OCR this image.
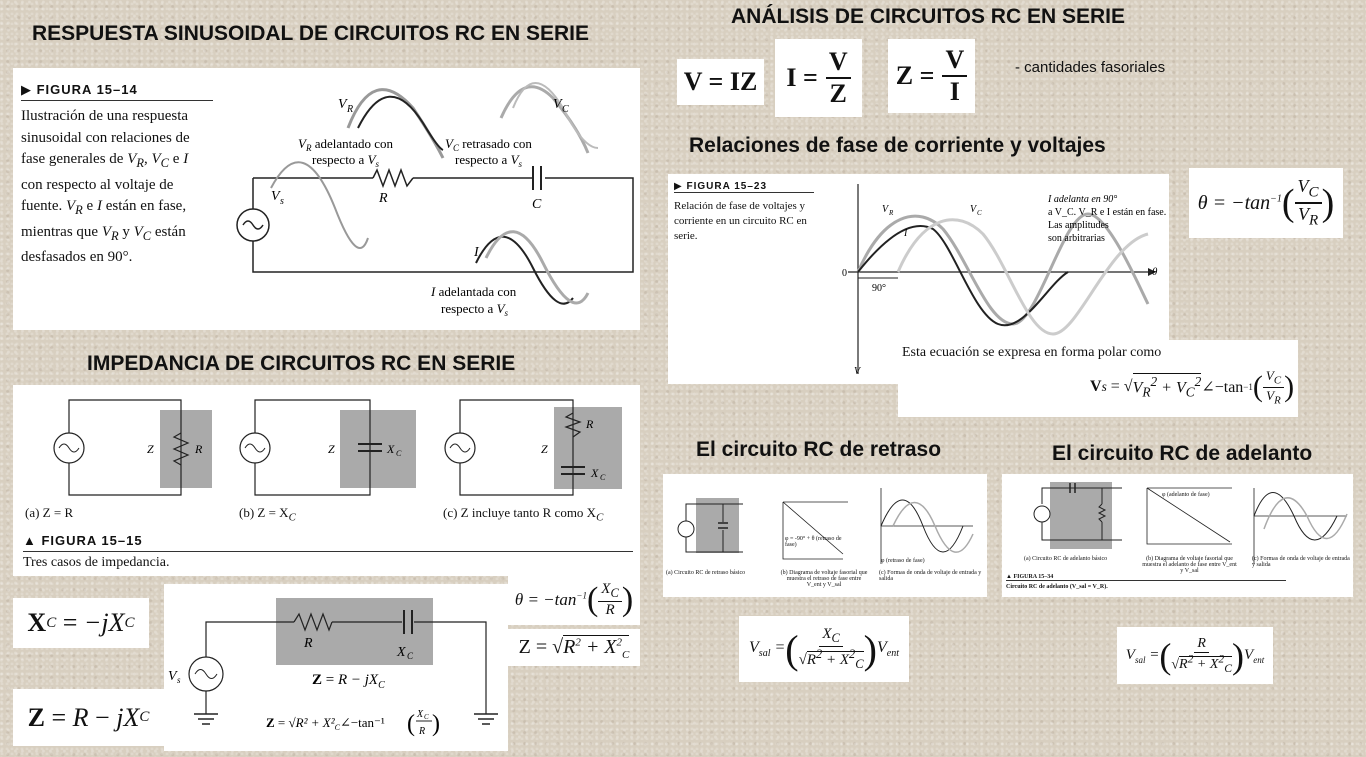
RESPUESTA SINUSOIDAL DE CIRCUITOS RC EN SERIE
ANÁLISIS DE CIRCUITOS RC EN SERIE
Relaciones de fase de corriente y voltajes
IMPEDANCIA DE CIRCUITOS RC EN SERIE
El circuito RC de retraso	El circuito RC de adelanto
▶ FIGURA 15–14
Ilustración de una respuesta
sinusoidal con relaciones de
fase generales de $V_R$, $V_C$ e I
con respecto al voltaje de
fuente. $V_R$ e I están en fase,
mientras que $V_R$ y $V_C$ están
desfasados en 90°.
V R	V C
V s
I
R	C
$V_R$ adelantado con
respecto a $V_s$
$V_C$ retrasado con
respecto a $V_s$
I adelantada con
respecto a $V_s$
V = IZ $I = \frac{V}{Z}$ $Z = \frac{V}{I}$	- cantidades fasoriales
▶ FIGURA 15–23
Relación de fase de voltajes y corriente en un circuito RC en serie.
90°
0	θ
V
V R
I
V C
I adelanta en 90°
a V_C. V_R e I están en fase.
Las amplitudes
son arbitrarias
$\theta = -\tan^{-1}$ ( $\frac{V_C}{V_R}$ )
Esta ecuación se expresa en forma polar como
V s = √ $V_R^2 + V_C^2$ ∠−tan −1 ( $\frac{V_C}{V_R}$ )
Z	R	Z	X C	Z
R
X C
(a) Z = R	(b) $Z = X_C$	(c) Z incluye tanto R como $X_C$
▲ FIGURA 15–15
Tres casos de impedancia.
X C = −jX C
Z = R − jX C
R
X C
V s	$Z = R - jX_C$
$Z = √R^2 + X^2_C\angle-\tan^{-1}$ ( X C
R )
$\theta = -\tan^{-1}$ ( $\frac{X_C}{R}$ )
Z = √ $R^2 + X^2_C$
(a) Circuito RC de retraso básico	(b) Diagrama de voltaje fasorial que muestra el retraso de fase entre V_ent y V_sal
(c) Formas de onda de voltaje de entrada y salida
φ = -90° + θ (retraso de fase)
φ (retraso de fase)
$V_{sal}$ = ( $\frac{X_C}{√R^2 + X^2_C}$ ) $V_{ent}$
(a) Circuito RC de adelanto básico	(b) Diagrama de voltaje fasorial que muestra el adelanto de fase entre V_ent y V_sal
(c) Formas de onda de voltaje de entrada y salida
φ (adelanto de fase)
▲ FIGURA 15–34
Circuito RC de adelanto (V_sal = V_R).
$V_{sal}$ = ( $\frac{R}{√R^2 + X^2_C}$ ) $V_{ent}$
